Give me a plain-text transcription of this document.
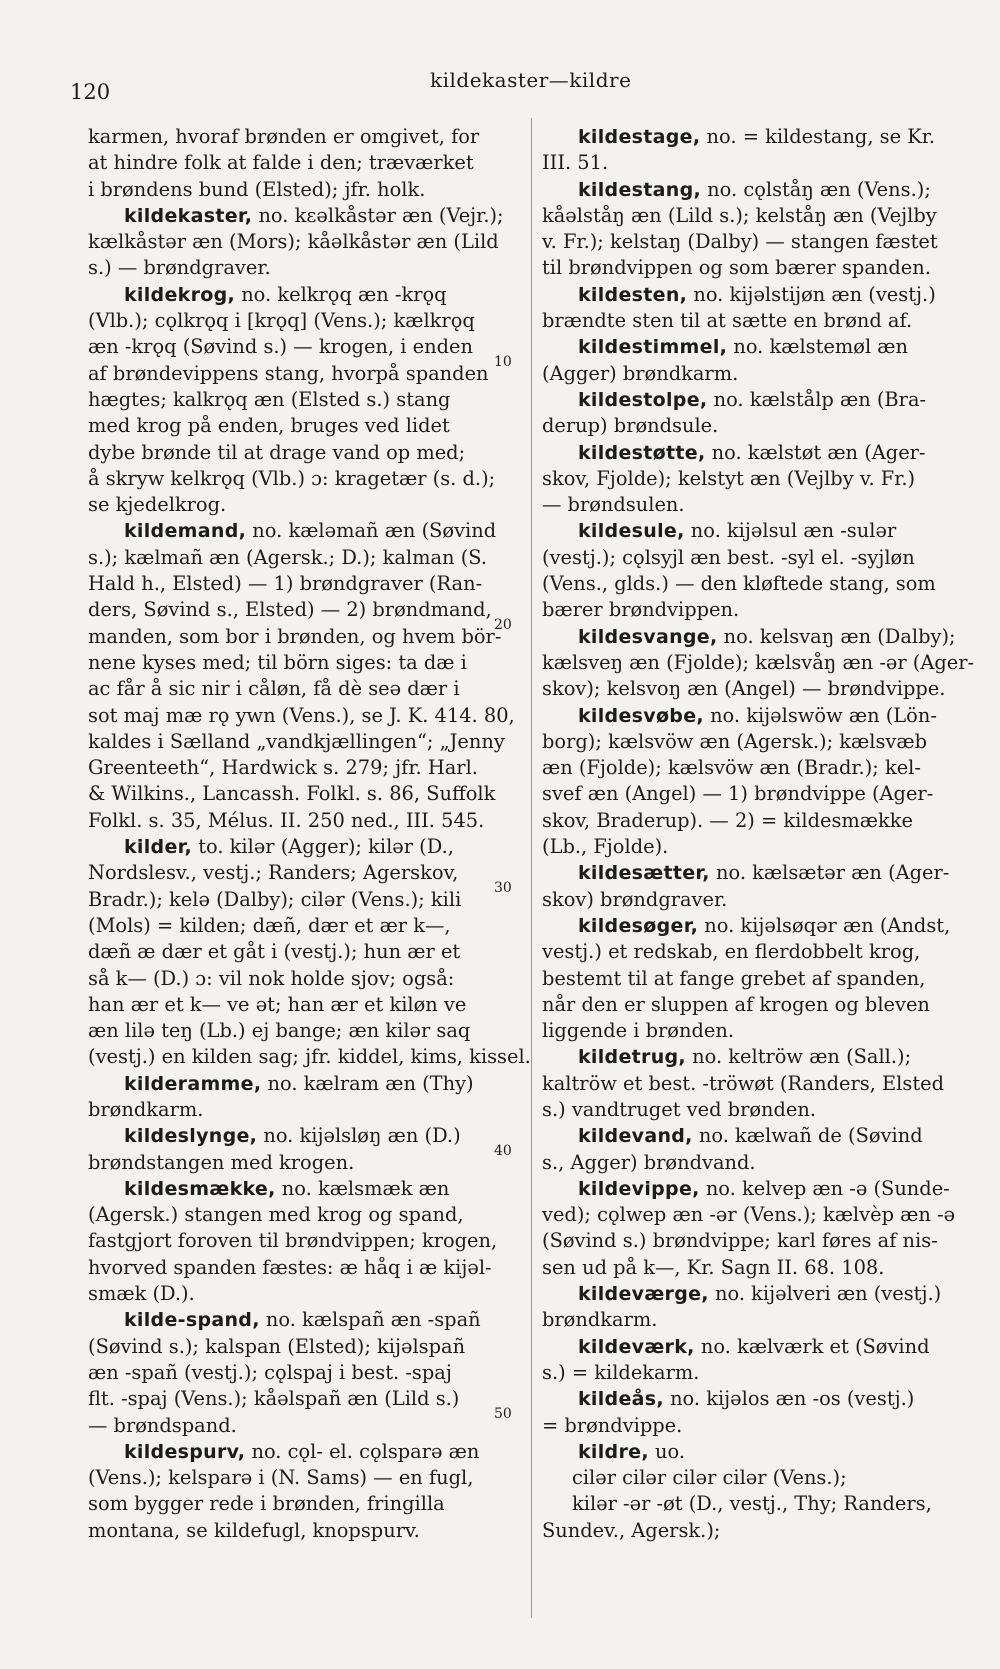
120	kildekaster—kildre
karmen, hvoraf brønden er omgivet, for
at hindre folk at falde i den; træværket
i brøndens bund (Elsted); jfr. holk.
kildekaster, no. kɛəlkåstər æn (Vejr.);
kælkåstər æn (Mors); kåəlkåstər æn (Lild
s.) — brøndgraver.
kildekrog, no. kelkrǫq æn -krǫq
(Vlb.); cǫlkrǫq i [krǫq] (Vens.); kælkrǫq
æn -krǫq (Søvind s.) — krogen, i enden
af brøndevippens stang, hvorpå spanden
hægtes; kalkrǫq æn (Elsted s.) stang
med krog på enden, bruges ved lidet
dybe brønde til at drage vand op med;
å skryw kelkrǫq (Vlb.) ɔ: kragetær (s. d.);
se kjedelkrog.
kildemand, no. kæləmañ æn (Søvind
s.); kælmañ æn (Agersk.; D.); kalman (S.
Hald h., Elsted) — 1) brøndgraver (Ran-
ders, Søvind s., Elsted) — 2) brøndmand,
manden, som bor i brønden, og hvem bör-
nene kyses med; til börn siges: ta dæ i
ac får å sic nir i cåløn, få dè seə dær i
sot maj mæ rǫ ywn (Vens.), se J. K. 414. 80,
kaldes i Sælland „vandkjællingen“; „Jenny
Greenteeth“, Hardwick s. 279; jfr. Harl.
& Wilkins., Lancassh. Folkl. s. 86, Suffolk
Folkl. s. 35, Mélus. II. 250 ned., III. 545.
kilder, to. kilər (Agger); kilər (D.,
Nordslesv., vestj.; Randers; Agerskov,
Bradr.); kelə (Dalby); cilər (Vens.); kili
(Mols) = kilden; dæñ, dær et ær k—,
dæñ æ dær et gåt i (vestj.); hun ær et
så k— (D.) ɔ: vil nok holde sjov; også:
han ær et k— ve ət; han ær et kiløn ve
æn lilə teŋ (Lb.) ej bange; æn kilər saq
(vestj.) en kilden sag; jfr. kiddel, kims, kissel.
kilderamme, no. kælram æn (Thy)
brøndkarm.
kildeslynge, no. kijəlsløŋ æn (D.)
brøndstangen med krogen.
kildesmække, no. kælsmæk æn
(Agersk.) stangen med krog og spand,
fastgjort foroven til brøndvippen; krogen,
hvorved spanden fæstes: æ håq i æ kijəl-
smæk (D.).
kilde-spand, no. kælspañ æn -spañ
(Søvind s.); kalspan (Elsted); kijəlspañ
æn -spañ (vestj.); cǫlspaj i best. -spaj
flt. -spaj (Vens.); kåəlspañ æn (Lild s.)
— brøndspand.
kildespurv, no. cǫl- el. cǫlsparə æn
(Vens.); kelsparə i (N. Sams) — en fugl,
som bygger rede i brønden, fringilla
montana, se kildefugl, knopspurv.
kildestage, no. = kildestang, se Kr.
III. 51.
kildestang, no. cǫlståŋ æn (Vens.);
kåəlståŋ æn (Lild s.); kelståŋ æn (Vejlby
v. Fr.); kelstaŋ (Dalby) — stangen fæstet
til brøndvippen og som bærer spanden.
kildesten, no. kijəlstijøn æn (vestj.)
brændte sten til at sætte en brønd af.
kildestimmel, no. kælstemøl æn
(Agger) brøndkarm.
kildestolpe, no. kælstålp æn (Bra-
derup) brøndsule.
kildestøtte, no. kælstøt æn (Ager-
skov, Fjolde); kelstyt æn (Vejlby v. Fr.)
— brøndsulen.
kildesule, no. kijəlsul æn -sulər
(vestj.); cǫlsyjl æn best. -syl el. -syjløn
(Vens., glds.) — den kløftede stang, som
bærer brøndvippen.
kildesvange, no. kelsvaŋ æn (Dalby);
kælsveŋ æn (Fjolde); kælsvåŋ æn -ər (Ager-
skov); kelsvoŋ æn (Angel) — brøndvippe.
kildesvøbe, no. kijəlswöw æn (Lön-
borg); kælsvöw æn (Agersk.); kælsvæb
æn (Fjolde); kælsvöw æn (Bradr.); kel-
svef æn (Angel) — 1) brøndvippe (Ager-
skov, Braderup). — 2) = kildesmække
(Lb., Fjolde).
kildesætter, no. kælsætər æn (Ager-
skov) brøndgraver.
kildesøger, no. kijəlsøqər æn (Andst,
vestj.) et redskab, en flerdobbelt krog,
bestemt til at fange grebet af spanden,
når den er sluppen af krogen og bleven
liggende i brønden.
kildetrug, no. keltröw æn (Sall.);
kaltröw et best. -tröwøt (Randers, Elsted
s.) vandtruget ved brønden.
kildevand, no. kælwañ de (Søvind
s., Agger) brøndvand.
kildevippe, no. kelvep æn -ə (Sunde-
ved); cǫlwep æn -ər (Vens.); kælvèp æn -ə
(Søvind s.) brøndvippe; karl føres af nis-
sen ud på k—, Kr. Sagn II. 68. 108.
kildeværge, no. kijəlveri æn (vestj.)
brøndkarm.
kildeværk, no. kælværk et (Søvind
s.) = kildekarm.
kildeås, no. kijəlos æn -os (vestj.)
= brøndvippe.
kildre, uo.
cilər cilər cilər cilər (Vens.);
kilər -ər -øt (D., vestj., Thy; Randers,
Sundev., Agersk.);
10
20
30
40
50
